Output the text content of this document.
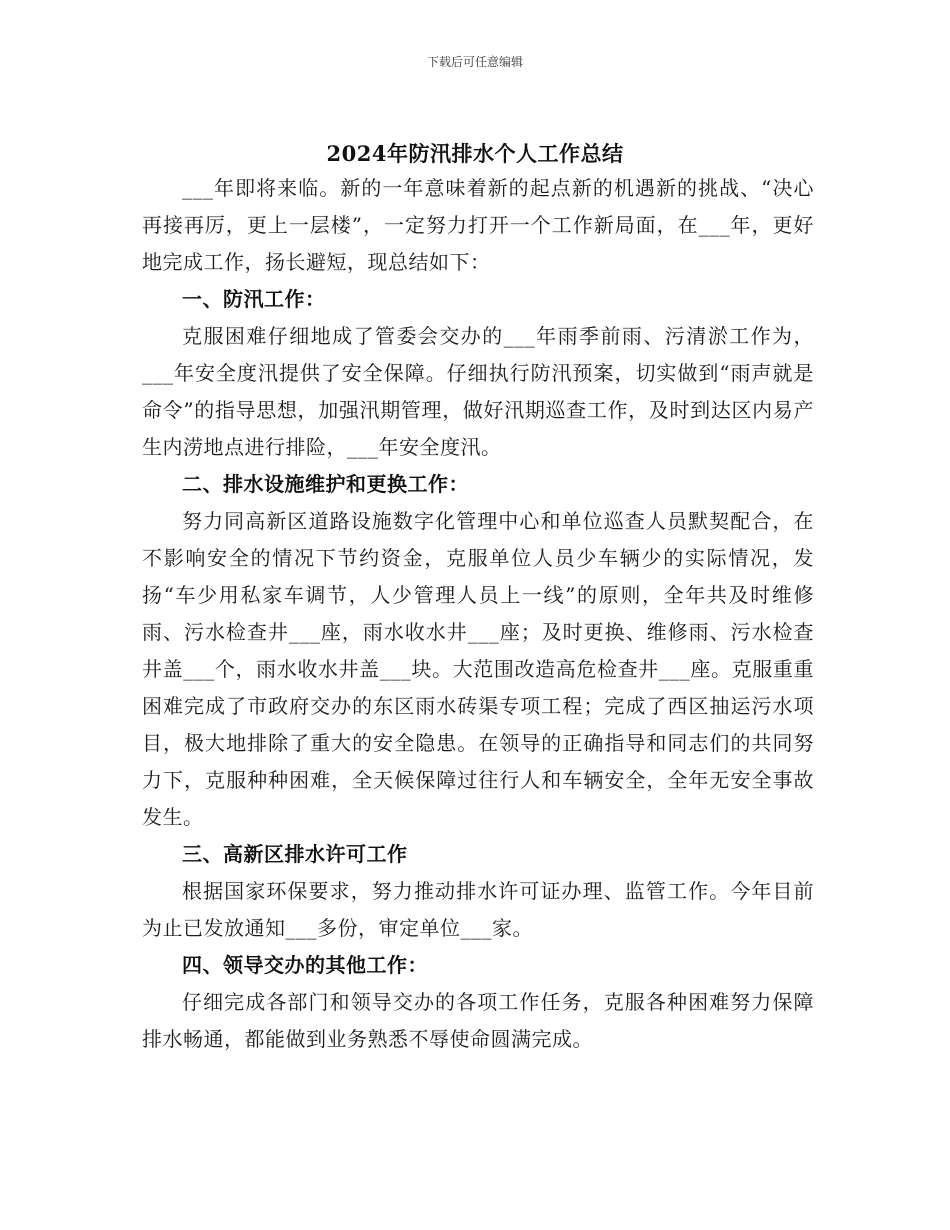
下载后可任意编辑
2024年防汛排水个人工作总结

___年即将来临。新的一年意味着新的起点新的机遇新的挑战、“决心再接再厉，更上一层楼”，一定努力打开一个工作新局面，在___年，更好地完成工作，扬长避短，现总结如下：

一、防汛工作：

克服困难仔细地成了管委会交办的___年雨季前雨、污清淤工作为，___年安全度汛提供了安全保障。仔细执行防汛预案，切实做到“雨声就是命令”的指导思想，加强汛期管理，做好汛期巡查工作，及时到达区内易产生内涝地点进行排险，___年安全度汛。

二、排水设施维护和更换工作：

努力同高新区道路设施数字化管理中心和单位巡查人员默契配合，在不影响安全的情况下节约资金，克服单位人员少车辆少的实际情况，发扬“车少用私家车调节，人少管理人员上一线”的原则，全年共及时维修雨、污水检查井___座，雨水收水井___座；及时更换、维修雨、污水检查井盖___个，雨水收水井盖___块。大范围改造高危检查井___座。克服重重困难完成了市政府交办的东区雨水砖渠专项工程；完成了西区抽运污水项目，极大地排除了重大的安全隐患。在领导的正确指导和同志们的共同努力下，克服种种困难，全天候保障过往行人和车辆安全，全年无安全事故发生。

三、高新区排水许可工作

根据国家环保要求，努力推动排水许可证办理、监管工作。今年目前为止已发放通知___多份，审定单位___家。

四、领导交办的其他工作：

仔细完成各部门和领导交办的各项工作任务，克服各种困难努力保障排水畅通，都能做到业务熟悉不辱使命圆满完成。
